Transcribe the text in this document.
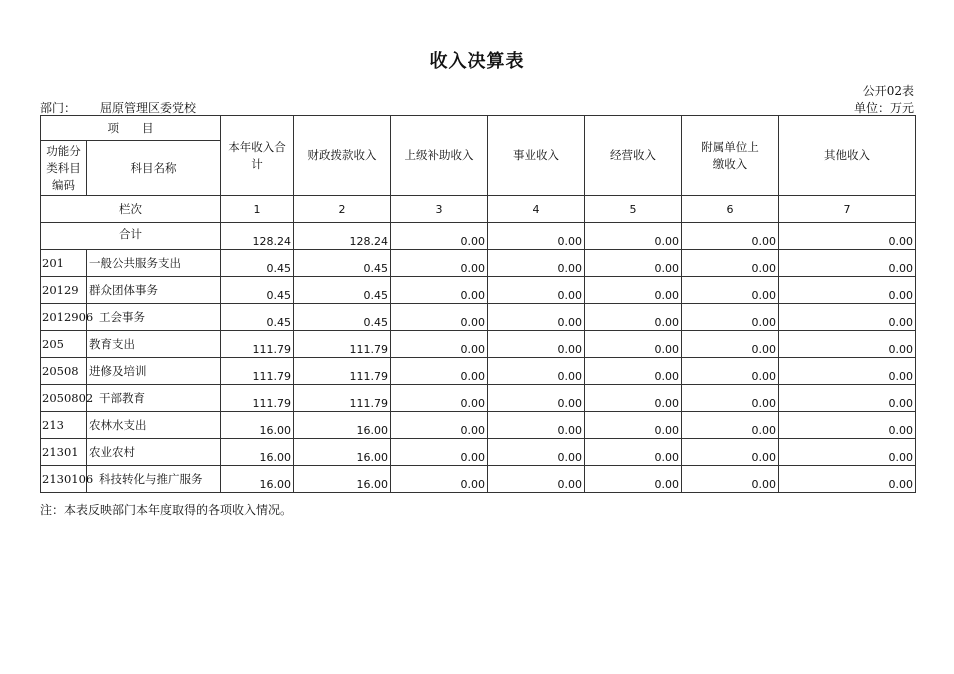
收入决算表
公开02表
部门： 屈原管理区委党校	单位：万元
项　　目		本年收入合计	财政拨款收入	上级补助收入	事业收入	经营收入	附属单位上缴收入	其他收入
功能分类科目编码	科目名称							
栏次		1	2	3	4	5	6	7
合计		128.24	128.24	0.00	0.00	0.00	0.00	0.00
201	一般公共服务支出	0.45	0.45	0.00	0.00	0.00	0.00	0.00
20129	群众团体事务	0.45	0.45	0.00	0.00	0.00	0.00	0.00
2012906	工会事务	0.45	0.45	0.00	0.00	0.00	0.00	0.00
205	教育支出	111.79	111.79	0.00	0.00	0.00	0.00	0.00
20508	进修及培训	111.79	111.79	0.00	0.00	0.00	0.00	0.00
2050802	干部教育	111.79	111.79	0.00	0.00	0.00	0.00	0.00
213	农林水支出	16.00	16.00	0.00	0.00	0.00	0.00	0.00
21301	农业农村	16.00	16.00	0.00	0.00	0.00	0.00	0.00
2130106	科技转化与推广服务	16.00	16.00	0.00	0.00	0.00	0.00	0.00
注：本表反映部门本年度取得的各项收入情况。
